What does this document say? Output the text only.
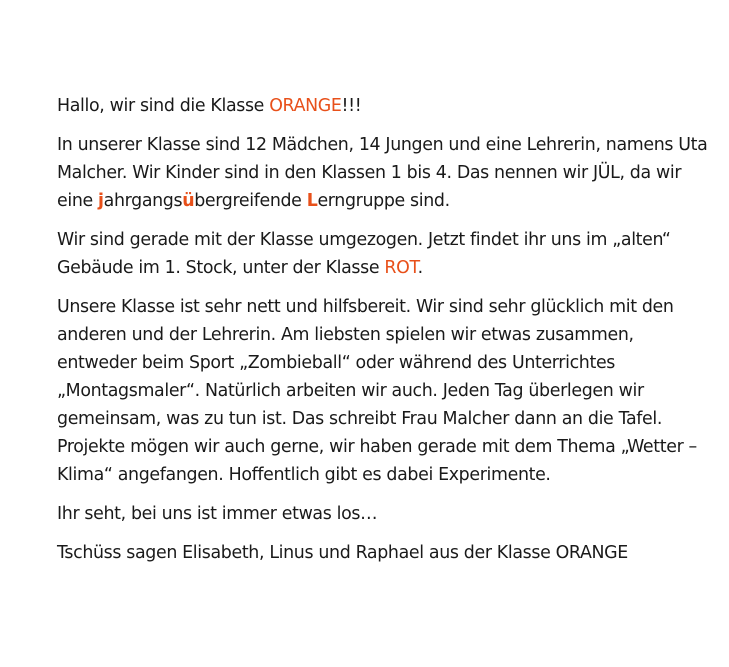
Hallo, wir sind die Klasse ORANGE!!!

In unserer Klasse sind 12 Mädchen, 14 Jungen und eine Lehrerin, namens Uta Malcher. Wir Kinder sind in den Klassen 1 bis 4. Das nennen wir JÜL, da wir eine jahrgangsübergreifende Lerngruppe sind.

Wir sind gerade mit der Klasse umgezogen. Jetzt findet ihr uns im „alten“ Gebäude im 1. Stock, unter der Klasse ROT.

Unsere Klasse ist sehr nett und hilfsbereit. Wir sind sehr glücklich mit den anderen und der Lehrerin. Am liebsten spielen wir etwas zusammen, entweder beim Sport „Zombieball“ oder während des Unterrichtes „Montagsmaler“. Natürlich arbeiten wir auch. Jeden Tag überlegen wir gemeinsam, was zu tun ist. Das schreibt Frau Malcher dann an die Tafel. Projekte mögen wir auch gerne, wir haben gerade mit dem Thema „Wetter – Klima“ angefangen. Hoffentlich gibt es dabei Experimente.

Ihr seht, bei uns ist immer etwas los…

Tschüss sagen Elisabeth, Linus und Raphael aus der Klasse ORANGE
